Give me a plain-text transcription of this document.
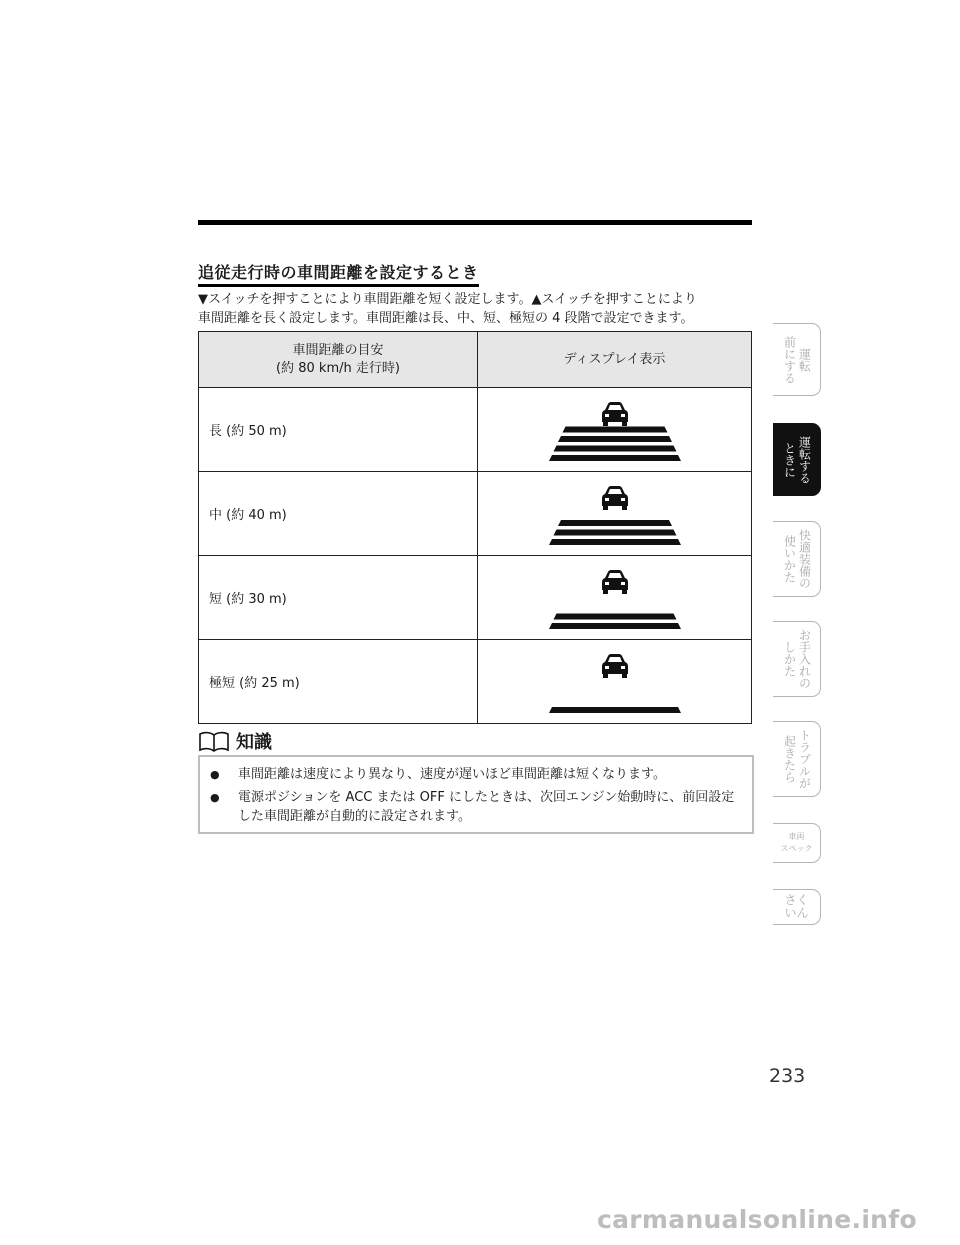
追従走行時の車間距離を設定するとき

▼スイッチを押すことにより車間距離を短く設定します。▲スイッチを押すことにより

車間距離を長く設定します。車間距離は長、中、短、極短の 4 段階で設定できます。

車間距離の目安
(約 80 km/h 走行時)	ディスプレイ表示
長 (約 50 m)	

中 (約 40 m)	

短 (約 30 m)	

極短 (約 25 m)	
知識
●	車間距離は速度により異なり、速度が遅いほど車間距離は短くなります。
●	電源ポジションを ACC または OFF にしたときは、次回エンジン始動時に、前回設定した車間距離が自動的に設定されます。
運転
前にする
運転する
ときに
快適装備の
使いかた
お手入れの
しかた
トラブルが
起きたら
車両
スペック
さく
いん
233
carmanualsonline.info
